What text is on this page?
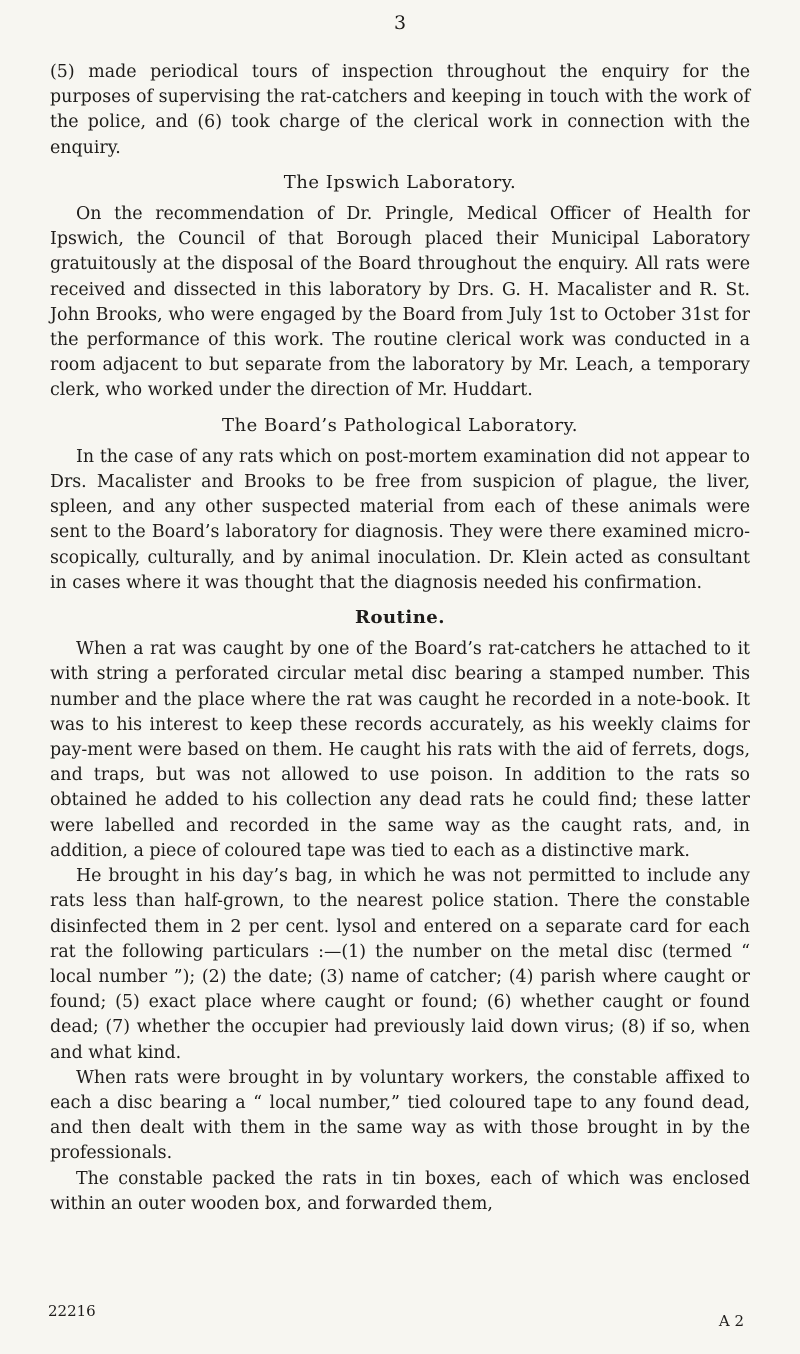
3

(5) made periodical tours of inspection throughout the enquiry for the purposes of supervising the rat-catchers and keeping in touch with the work of the police, and (6) took charge of the clerical work in connection with the enquiry.

The Ipswich Laboratory.

On the recommendation of Dr. Pringle, Medical Officer of Health for Ipswich, the Council of that Borough placed their Municipal Laboratory gratuitously at the disposal of the Board throughout the enquiry. All rats were received and dissected in this laboratory by Drs. G. H. Macalister and R. St. John Brooks, who were engaged by the Board from July 1st to October 31st for the performance of this work. The routine clerical work was conducted in a room adjacent to but separate from the laboratory by Mr. Leach, a temporary clerk, who worked under the direction of Mr. Huddart.

The Board’s Pathological Laboratory.

In the case of any rats which on post-mortem examination did not appear to Drs. Macalister and Brooks to be free from suspicion of plague, the liver, spleen, and any other suspected material from each of these animals were sent to the Board’s laboratory for diagnosis. They were there examined micro-scopically, culturally, and by animal inoculation. Dr. Klein acted as consultant in cases where it was thought that the diagnosis needed his confirmation.

Routine.

When a rat was caught by one of the Board’s rat-catchers he attached to it with string a perforated circular metal disc bearing a stamped number. This number and the place where the rat was caught he recorded in a note-book. It was to his interest to keep these records accurately, as his weekly claims for pay-ment were based on them. He caught his rats with the aid of ferrets, dogs, and traps, but was not allowed to use poison. In addition to the rats so obtained he added to his collection any dead rats he could find; these latter were labelled and recorded in the same way as the caught rats, and, in addition, a piece of coloured tape was tied to each as a distinctive mark.

He brought in his day’s bag, in which he was not permitted to include any rats less than half-grown, to the nearest police station. There the constable disinfected them in 2 per cent. lysol and entered on a separate card for each rat the following particulars :—(1) the number on the metal disc (termed “ local number ”); (2) the date; (3) name of catcher; (4) parish where caught or found; (5) exact place where caught or found; (6) whether caught or found dead; (7) whether the occupier had previously laid down virus; (8) if so, when and what kind.

When rats were brought in by voluntary workers, the constable affixed to each a disc bearing a “ local number,” tied coloured tape to any found dead, and then dealt with them in the same way as with those brought in by the professionals.

The constable packed the rats in tin boxes, each of which was enclosed within an outer wooden box, and forwarded them,

22216
A 2
